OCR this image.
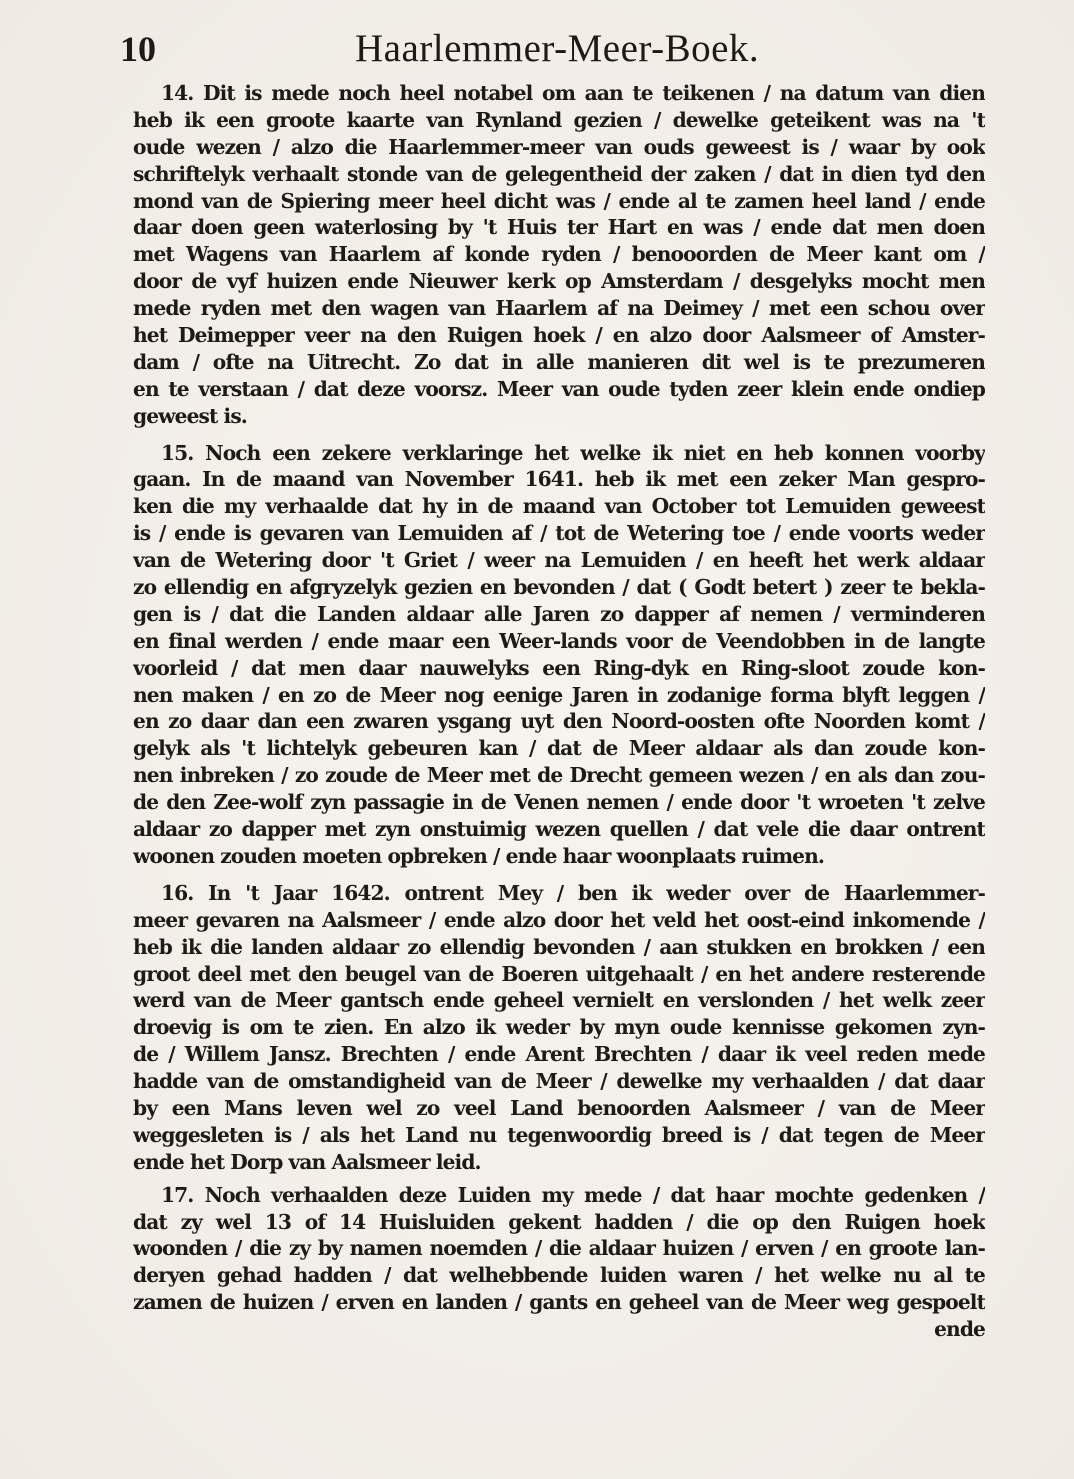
10	Haarlemmer-Meer-Boek.
14. Dit is mede noch heel notabel om aan te teikenen / na datum van dien
heb ik een groote kaarte van Rynland gezien / dewelke geteikent was na 't
oude wezen / alzo die Haarlemmer-meer van ouds geweest is / waar by ook
schriftelyk verhaalt stonde van de gelegentheid der zaken / dat in dien tyd den
mond van de Spiering meer heel dicht was / ende al te zamen heel land / ende
daar doen geen waterlosing by 't Huis ter Hart en was / ende dat men doen
met Wagens van Haarlem af konde ryden / benooorden de Meer kant om /
door de vyf huizen ende Nieuwer kerk op Amsterdam / desgelyks mocht men
mede ryden met den wagen van Haarlem af na Deimey / met een schou over
het Deimepper veer na den Ruigen hoek / en alzo door Aalsmeer of Amster-
dam / ofte na Uitrecht. Zo dat in alle manieren dit wel is te prezumeren
en te verstaan / dat deze voorsz. Meer van oude tyden zeer klein ende ondiep
geweest is.
15. Noch een zekere verklaringe het welke ik niet en heb konnen voorby
gaan. In de maand van November 1641. heb ik met een zeker Man gespro-
ken die my verhaalde dat hy in de maand van October tot Lemuiden geweest
is / ende is gevaren van Lemuiden af / tot de Wetering toe / ende voorts weder
van de Wetering door 't Griet / weer na Lemuiden / en heeft het werk aldaar
zo ellendig en afgryzelyk gezien en bevonden / dat ( Godt betert ) zeer te bekla-
gen is / dat die Landen aldaar alle Jaren zo dapper af nemen / verminderen
en final werden / ende maar een Weer-lands voor de Veendobben in de langte
voorleid / dat men daar nauwelyks een Ring-dyk en Ring-sloot zoude kon-
nen maken / en zo de Meer nog eenige Jaren in zodanige forma blyft leggen /
en zo daar dan een zwaren ysgang uyt den Noord-oosten ofte Noorden komt /
gelyk als 't lichtelyk gebeuren kan / dat de Meer aldaar als dan zoude kon-
nen inbreken / zo zoude de Meer met de Drecht gemeen wezen / en als dan zou-
de den Zee-wolf zyn passagie in de Venen nemen / ende door 't wroeten 't zelve
aldaar zo dapper met zyn onstuimig wezen quellen / dat vele die daar ontrent
woonen zouden moeten opbreken / ende haar woonplaats ruimen.
16. In 't Jaar 1642. ontrent Mey / ben ik weder over de Haarlemmer-
meer gevaren na Aalsmeer / ende alzo door het veld het oost-eind inkomende /
heb ik die landen aldaar zo ellendig bevonden / aan stukken en brokken / een
groot deel met den beugel van de Boeren uitgehaalt / en het andere resterende
werd van de Meer gantsch ende geheel vernielt en verslonden / het welk zeer
droevig is om te zien. En alzo ik weder by myn oude kennisse gekomen zyn-
de / Willem Jansz. Brechten / ende Arent Brechten / daar ik veel reden mede
hadde van de omstandigheid van de Meer / dewelke my verhaalden / dat daar
by een Mans leven wel zo veel Land benoorden Aalsmeer / van de Meer
weggesleten is / als het Land nu tegenwoordig breed is / dat tegen de Meer
ende het Dorp van Aalsmeer leid.
17. Noch verhaalden deze Luiden my mede / dat haar mochte gedenken /
dat zy wel 13 of 14 Huisluiden gekent hadden / die op den Ruigen hoek
woonden / die zy by namen noemden / die aldaar huizen / erven / en groote lan-
deryen gehad hadden / dat welhebbende luiden waren / het welke nu al te
zamen de huizen / erven en landen / gants en geheel van de Meer weg gespoelt
ende
